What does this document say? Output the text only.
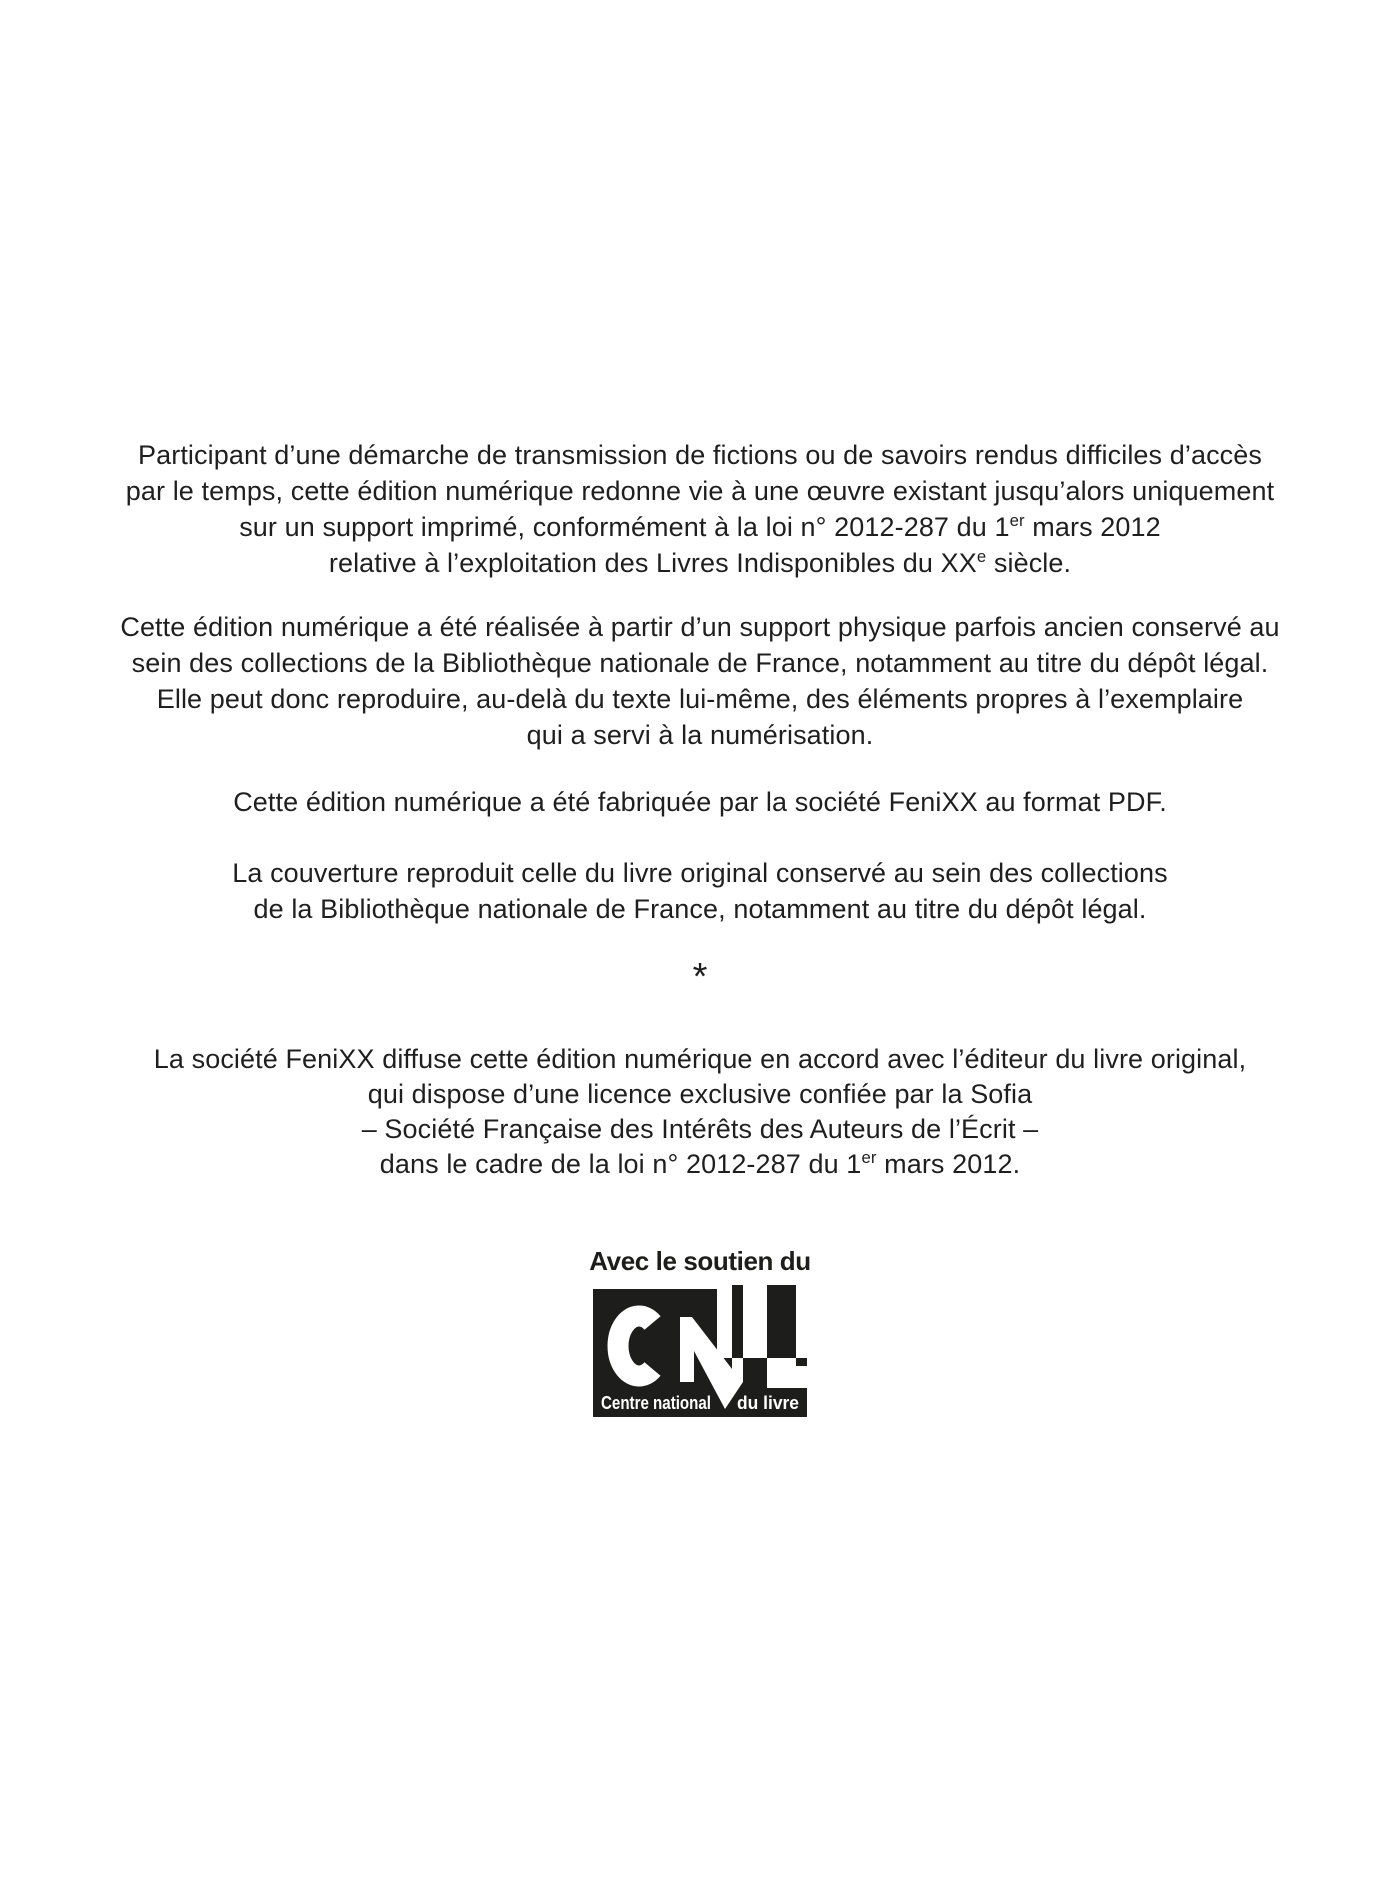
Participant d’une démarche de transmission de fictions ou de savoirs rendus difficiles d’accès
par le temps, cette édition numérique redonne vie à une œuvre existant jusqu’alors uniquement
sur un support imprimé, conformément à la loi n° 2012-287 du 1er mars 2012
relative à l’exploitation des Livres Indisponibles du XXe siècle.
Cette édition numérique a été réalisée à partir d’un support physique parfois ancien conservé au
sein des collections de la Bibliothèque nationale de France, notamment au titre du dépôt légal.
Elle peut donc reproduire, au-delà du texte lui-même, des éléments propres à l’exemplaire
qui a servi à la numérisation.
Cette édition numérique a été fabriquée par la société FeniXX au format PDF.
La couverture reproduit celle du livre original conservé au sein des collections
de la Bibliothèque nationale de France, notamment au titre du dépôt légal.
*
La société FeniXX diffuse cette édition numérique en accord avec l’éditeur du livre original,
qui dispose d’une licence exclusive confiée par la Sofia
– Société Française des Intérêts des Auteurs de l’Écrit –
dans le cadre de la loi n° 2012-287 du 1er mars 2012.
Avec le soutien du
Centre national du livre
